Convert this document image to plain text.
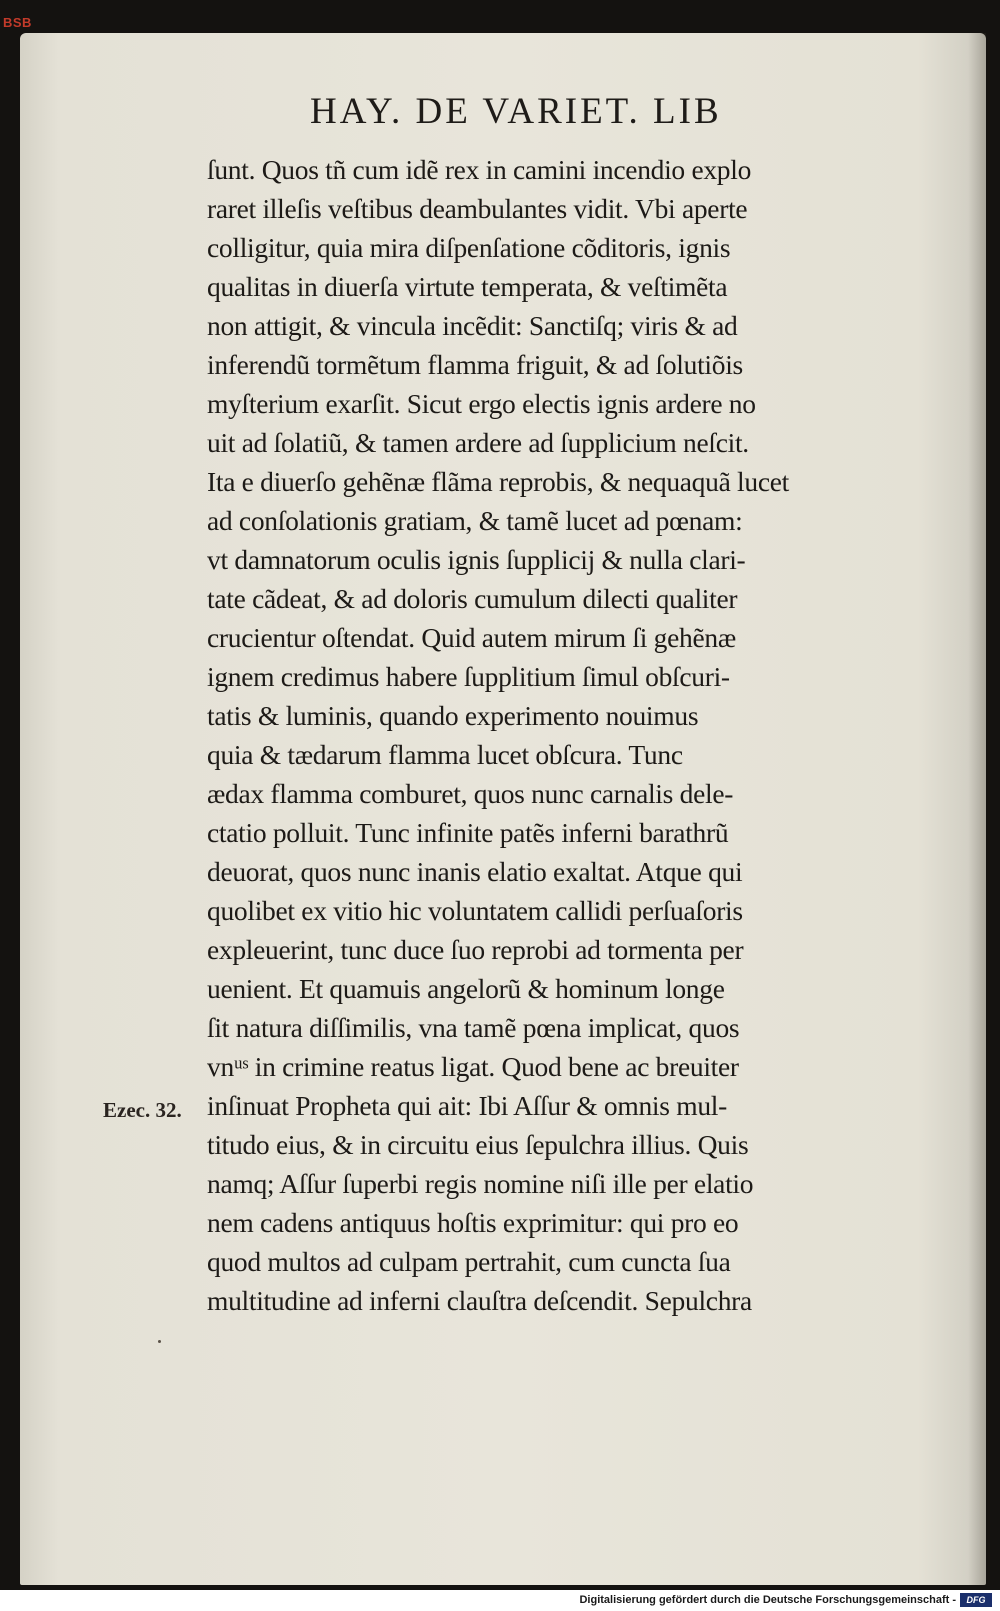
BSB
HAY. DE VARIET. LIB
ſunt. Quos tñ cum idẽ rex in camini incendio explo
raret illeſis veſtibus deambulantes vidit. Vbi aperte
colligitur, quia mira diſpenſatione cõditoris, ignis
qualitas in diuerſa virtute temperata, & veſtimẽta
non attigit, & vincula incẽdit: Sanctiſq; viris & ad
inferendũ tormẽtum flamma friguit, & ad ſolutiõis
myſterium exarſit. Sicut ergo electis ignis ardere no
uit ad ſolatiũ, & tamen ardere ad ſupplicium neſcit.
Ita e diuerſo gehẽnæ flãma reprobis, & nequaquã lucet
ad conſolationis gratiam, & tamẽ lucet ad pœnam:
vt damnatorum oculis ignis ſupplicij & nulla clari-
tate cãdeat, & ad doloris cumulum dilecti qualiter
crucientur oſtendat. Quid autem mirum ſi gehẽnæ
ignem credimus habere ſupplitium ſimul obſcuri-
tatis & luminis, quando experimento nouimus
quia & tædarum flamma lucet obſcura. Tunc
ædax flamma comburet, quos nunc carnalis dele-
ctatio polluit. Tunc infinite patẽs inferni barathrũ
deuorat, quos nunc inanis elatio exaltat. Atque qui
quolibet ex vitio hic voluntatem callidi perſuaſoris
expleuerint, tunc duce ſuo reprobi ad tormenta per
uenient. Et quamuis angelorũ & hominum longe
ſit natura diſſimilis, vna tamẽ pœna implicat, quos
vnᵘˢ in crimine reatus ligat. Quod bene ac breuiter
inſinuat Propheta qui ait: Ibi Aſſur & omnis mul-
titudo eius, & in circuitu eius ſepulchra illius. Quis
namq; Aſſur ſuperbi regis nomine niſi ille per elatio
nem cadens antiquus hoſtis exprimitur: qui pro eo
quod multos ad culpam pertrahit, cum cuncta ſua
multitudine ad inferni clauſtra deſcendit. Sepulchra
Ezec. 32.
Digitalisierung gefördert durch die Deutsche Forschungsgemeinschaft -	DFG
